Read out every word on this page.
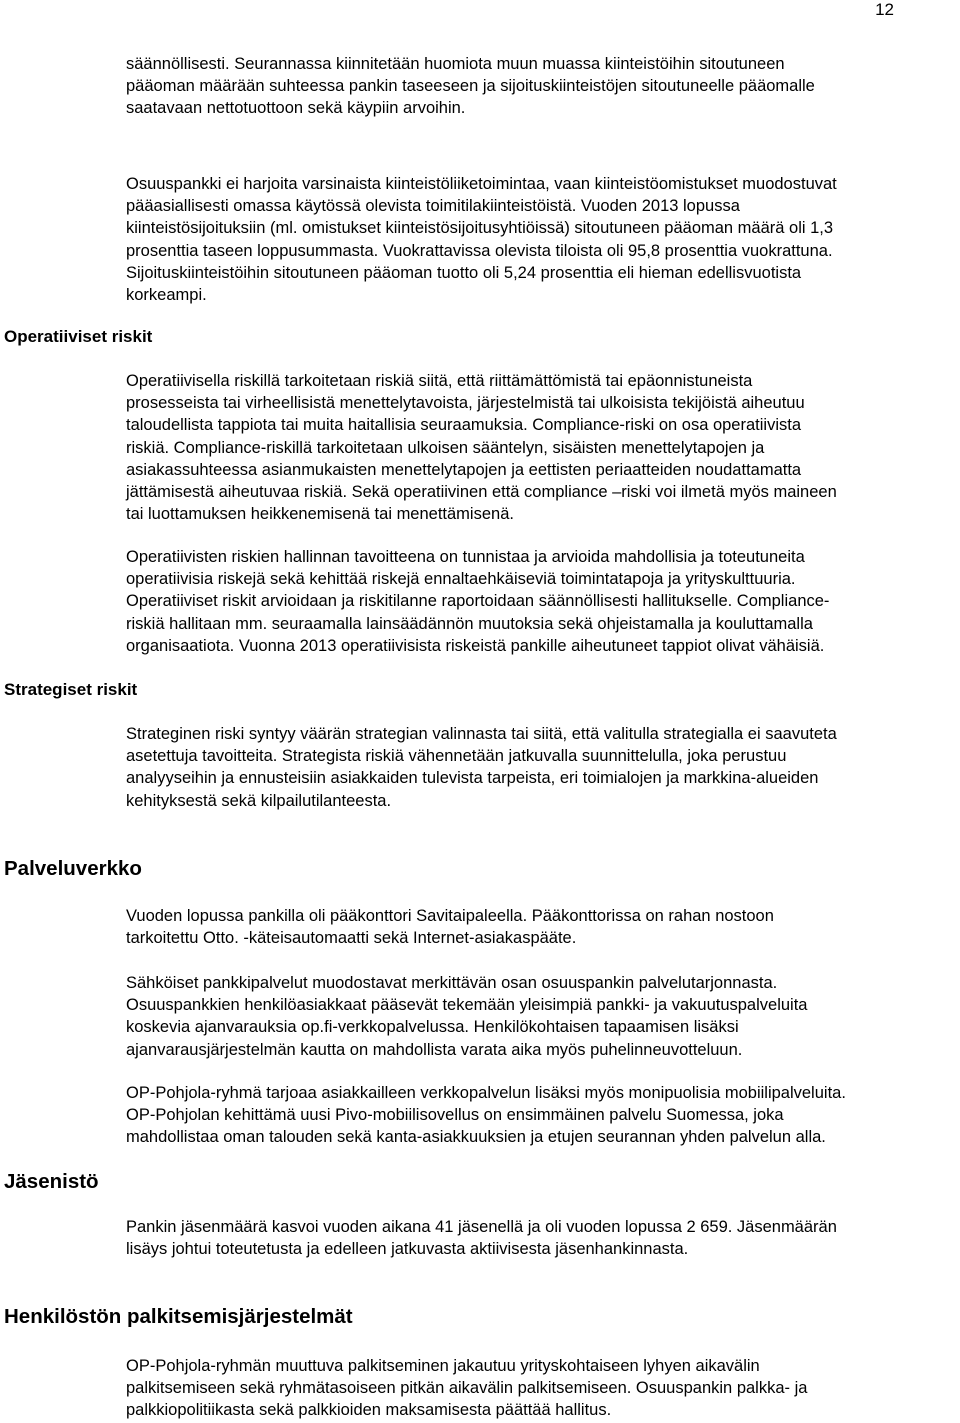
12
säännöllisesti. Seurannassa kiinnitetään huomiota muun muassa kiinteistöihin sitoutuneen
pääoman määrään suhteessa pankin taseeseen ja sijoituskiinteistöjen sitoutuneelle pääomalle
saatavaan nettotuottoon sekä käypiin arvoihin.
Osuuspankki ei harjoita varsinaista kiinteistöliiketoimintaa, vaan kiinteistöomistukset muodostuvat
pääasiallisesti omassa käytössä olevista toimitilakiinteistöistä. Vuoden 2013 lopussa
kiinteistösijoituksiin (ml. omistukset kiinteistösijoitusyhtiöissä) sitoutuneen pääoman määrä oli 1,3
prosenttia taseen loppusummasta. Vuokrattavissa olevista tiloista oli 95,8 prosenttia vuokrattuna.
Sijoituskiinteistöihin sitoutuneen pääoman tuotto oli 5,24 prosenttia eli hieman edellisvuotista
korkeampi.
Operatiiviset riskit
Operatiivisella riskillä tarkoitetaan riskiä siitä, että riittämättömistä tai epäonnistuneista
prosesseista tai virheellisistä menettelytavoista, järjestelmistä tai ulkoisista tekijöistä aiheutuu
taloudellista tappiota tai muita haitallisia seuraamuksia. Compliance-riski on osa operatiivista
riskiä. Compliance-riskillä tarkoitetaan ulkoisen sääntelyn, sisäisten menettelytapojen ja
asiakassuhteessa asianmukaisten menettelytapojen ja eettisten periaatteiden noudattamatta
jättämisestä aiheutuvaa riskiä. Sekä operatiivinen että compliance –riski voi ilmetä myös maineen
tai luottamuksen heikkenemisenä tai menettämisenä.
Operatiivisten riskien hallinnan tavoitteena on tunnistaa ja arvioida mahdollisia ja toteutuneita
operatiivisia riskejä sekä kehittää riskejä ennaltaehkäiseviä toimintatapoja ja yrityskulttuuria.
Operatiiviset riskit arvioidaan ja riskitilanne raportoidaan säännöllisesti hallitukselle. Compliance-
riskiä hallitaan mm. seuraamalla lainsäädännön muutoksia sekä ohjeistamalla ja kouluttamalla
organisaatiota. Vuonna 2013 operatiivisista riskeistä pankille aiheutuneet tappiot olivat vähäisiä.
Strategiset riskit
Strateginen riski syntyy väärän strategian valinnasta tai siitä, että valitulla strategialla ei saavuteta
asetettuja tavoitteita. Strategista riskiä vähennetään jatkuvalla suunnittelulla, joka perustuu
analyyseihin ja ennusteisiin asiakkaiden tulevista tarpeista, eri toimialojen ja markkina-alueiden
kehityksestä sekä kilpailutilanteesta.
Palveluverkko
Vuoden lopussa pankilla oli pääkonttori Savitaipaleella. Pääkonttorissa on rahan nostoon
tarkoitettu Otto. -käteisautomaatti sekä Internet-asiakaspääte.
Sähköiset pankkipalvelut muodostavat merkittävän osan osuuspankin palvelutarjonnasta.
Osuuspankkien henkilöasiakkaat pääsevät tekemään yleisimpiä pankki- ja vakuutuspalveluita
koskevia ajanvarauksia op.fi-verkkopalvelussa. Henkilökohtaisen tapaamisen lisäksi
ajanvarausjärjestelmän kautta on mahdollista varata aika myös puhelinneuvotteluun.
OP-Pohjola-ryhmä tarjoaa asiakkailleen verkkopalvelun lisäksi myös monipuolisia mobiilipalveluita.
OP-Pohjolan kehittämä uusi Pivo-mobiilisovellus on ensimmäinen palvelu Suomessa, joka
mahdollistaa oman talouden sekä kanta-asiakkuuksien ja etujen seurannan yhden palvelun alla.
Jäsenistö
Pankin jäsenmäärä kasvoi vuoden aikana 41 jäsenellä ja oli vuoden lopussa 2 659. Jäsenmäärän
lisäys johtui toteutetusta ja edelleen jatkuvasta aktiivisesta jäsenhankinnasta.
Henkilöstön palkitsemisjärjestelmät
OP-Pohjola-ryhmän muuttuva palkitseminen jakautuu yrityskohtaiseen lyhyen aikavälin
palkitsemiseen sekä ryhmätasoiseen pitkän aikavälin palkitsemiseen. Osuuspankin palkka- ja
palkkiopolitiikasta sekä palkkioiden maksamisesta päättää hallitus.
